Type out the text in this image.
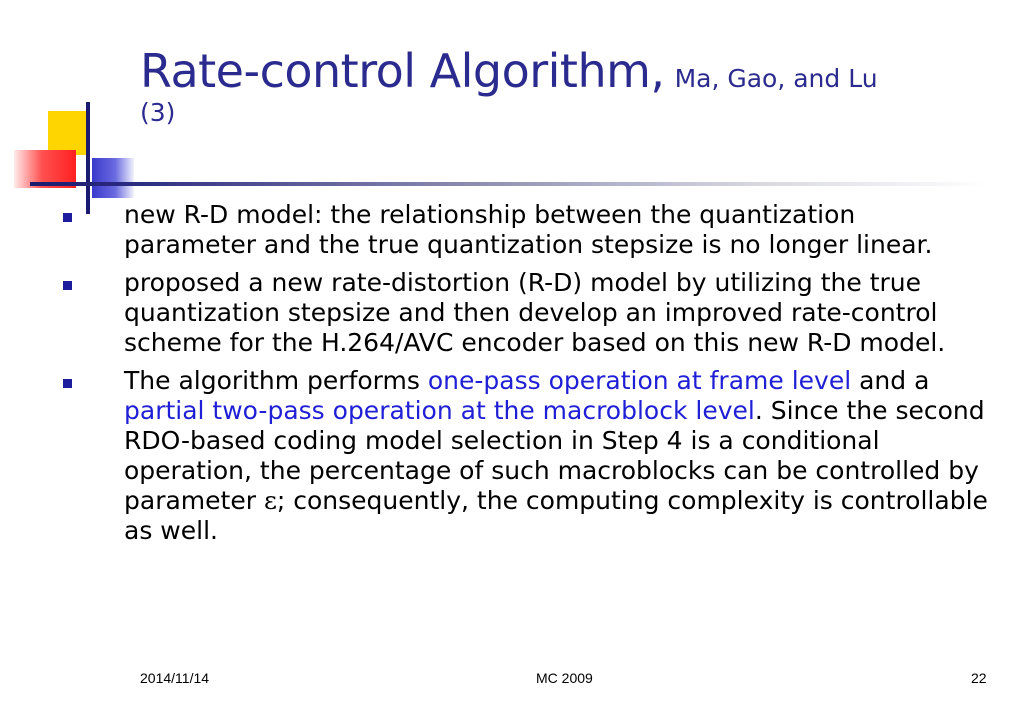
Rate-control Algorithm, Ma, Gao, and Lu
(3)
new R-D model: the relationship between the quantization parameter and the true quantization stepsize is no longer linear.
proposed a new rate-distortion (R-D) model by utilizing the true quantization stepsize and then develop an improved rate-control scheme for the H.264/AVC encoder based on this new R-D model.
The algorithm performs one-pass operation at frame level and a partial two-pass operation at the macroblock level. Since the second RDO-based coding model selection in Step 4 is a conditional operation, the percentage of such macroblocks can be controlled by parameter ε; consequently, the computing complexity is controllable as well.
2014/11/14	MC 2009	22
